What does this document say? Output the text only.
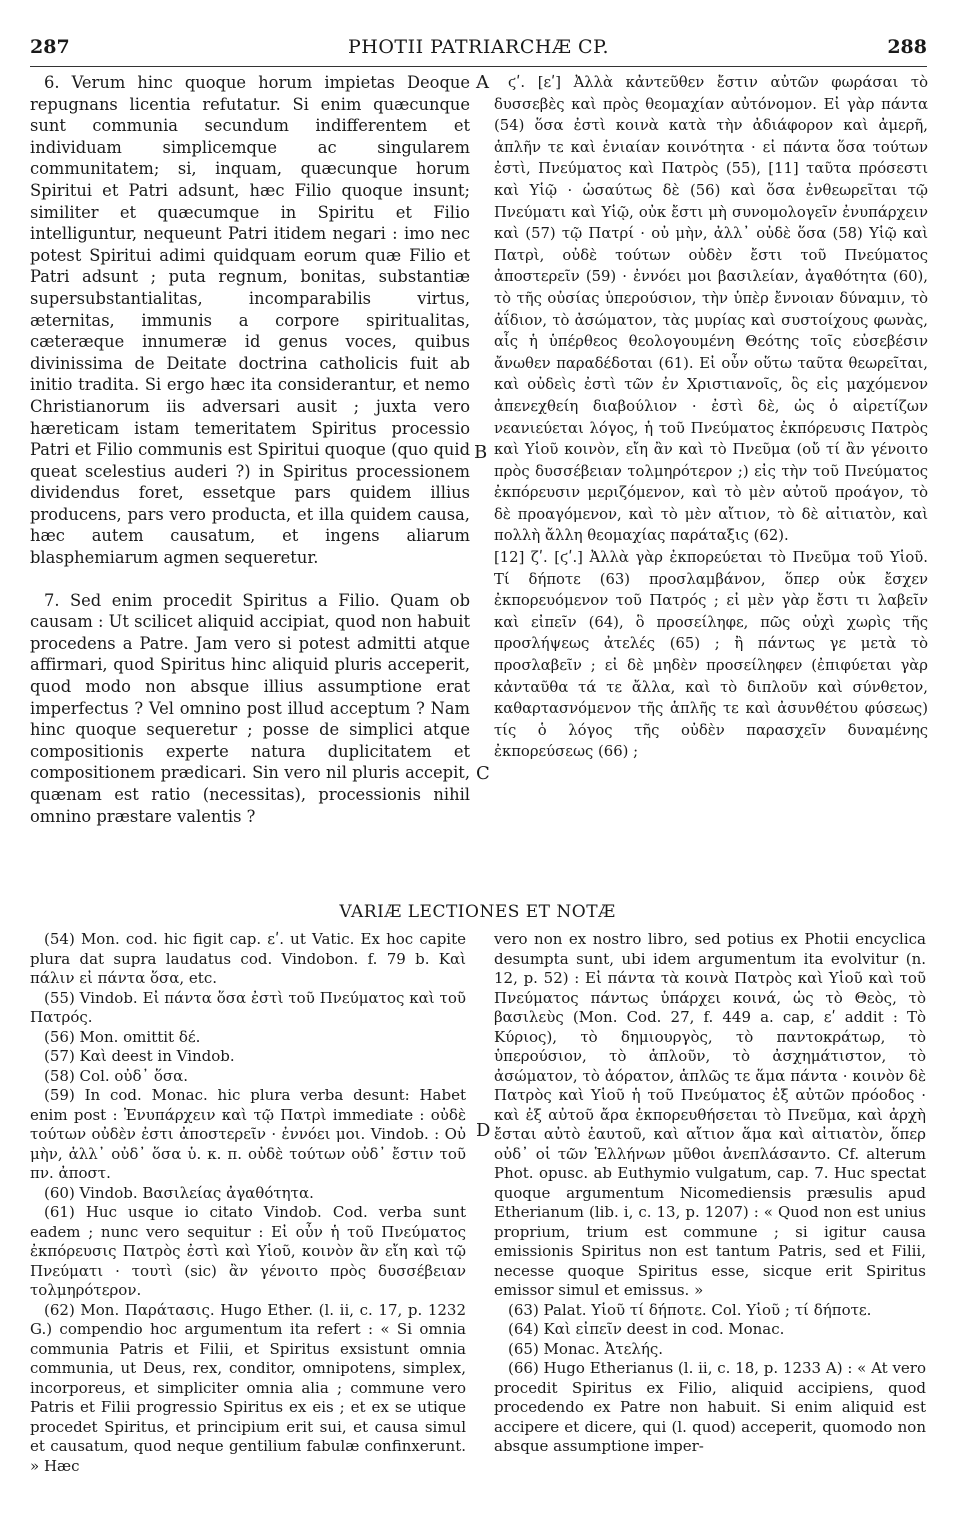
287	PHOTII PATRIARCHÆ CP.	288

6. Verum hinc quoque horum impietas Deoque repugnans licentia refutatur. Si enim quæcunque sunt communia secundum indifferentem et individuam simplicemque ac singularem communitatem; si, inquam, quæcunque horum Spiritui et Patri adsunt, hæc Filio quoque insunt; similiter et quæcumque in Spiritu et Filio intelliguntur, nequeunt Patri itidem negari : imo nec potest Spiritui adimi quidquam eorum quæ Filio et Patri adsunt ; puta regnum, bonitas, substantiæ supersubstantialitas, incomparabilis virtus, æternitas, immunis a corpore spiritualitas, cæteræque innumeræ id genus voces, quibus divinissima de Deitate doctrina catholicis fuit ab initio tradita. Si ergo hæc ita considerantur, et nemo Christianorum iis adversari ausit ; juxta vero hæreticam istam temeritatem Spiritus processio Patri et Filio communis est Spiritui quoque (quo quid queat scelestius auderi ?) in Spiritus processionem dividendus foret, essetque pars quidem illius producens, pars vero producta, et illa quidem causa, hæc autem causatum, et ingens aliarum blasphemiarum agmen sequeretur.

7. Sed enim procedit Spiritus a Filio. Quam ob causam : Ut scilicet aliquid accipiat, quod non habuit procedens a Patre. Jam vero si potest admitti atque affirmari, quod Spiritus hinc aliquid pluris acceperit, quod modo non absque illius assumptione erat imperfectus ? Vel omnino post illud acceptum ? Nam hinc quoque sequeretur ; posse de simplici atque compositionis experte natura duplicitatem et compositionem prædicari. Sin vero nil pluris accepit, quænam est ratio (necessitas), processionis nihil omnino præstare valentis ?

ϛʹ. [εʹ] Ἀλλὰ κἀντεῦθεν ἔστιν αὐτῶν φωράσαι τὸ δυσσεβὲς καὶ πρὸς θεομαχίαν αὐτόνομον. Εἰ γὰρ πάντα (54) ὅσα ἐστὶ κοινὰ κατὰ τὴν ἀδιάφορον καὶ ἀμερῆ, ἁπλῆν τε καὶ ἑνιαίαν κοινότητα · εἰ πάντα ὅσα τούτων ἐστὶ, Πνεύματος καὶ Πατρὸς (55), [11] ταῦτα πρόσεστι καὶ Υἱῷ · ὡσαύτως δὲ (56) καὶ ὅσα ἐνθεωρεῖται τῷ Πνεύματι καὶ Υἱῷ, οὐκ ἔστι μὴ συνομολογεῖν ἐνυπάρχειν καὶ (57) τῷ Πατρί · οὐ μὴν, ἀλλ᾽ οὐδὲ ὅσα (58) Υἱῷ καὶ Πατρὶ, οὐδὲ τούτων οὐδὲν ἔστι τοῦ Πνεύματος ἀποστερεῖν (59) · ἐννόει μοι βασιλείαν, ἀγαθότητα (60), τὸ τῆς οὐσίας ὑπερούσιον, τὴν ὑπὲρ ἔννοιαν δύναμιν, τὸ ἀΐδιον, τὸ ἀσώματον, τὰς μυρίας καὶ συστοίχους φωνὰς, αἷς ἡ ὑπέρθεος θεολογουμένη Θεότης τοῖς εὐσεβέσιν ἄνωθεν παραδέδοται (61). Εἰ οὖν οὕτω ταῦτα θεωρεῖται, καὶ οὐδεὶς ἐστὶ τῶν ἐν Χριστιανοῖς, ὃς εἰς μαχόμενον ἀπενεχθείη διαβούλιον · ἐστὶ δὲ, ὡς ὁ αἱρετίζων νεανιεύεται λόγος, ἡ τοῦ Πνεύματος ἐκπόρευσις Πατρὸς καὶ Υἱοῦ κοινὸν, εἴη ἂν καὶ τὸ Πνεῦμα (οὔ τί ἂν γένοιτο πρὸς δυσσέβειαν τολμηρότερον ;) εἰς τὴν τοῦ Πνεύματος ἐκπόρευσιν μεριζόμενον, καὶ τὸ μὲν αὐτοῦ προάγον, τὸ δὲ προαγόμενον, καὶ τὸ μὲν αἴτιον, τὸ δὲ αἰτιατὸν, καὶ πολλὴ ἄλλη θεομαχίας παράταξις (62).

[12] ζʹ. [ϛʹ.] Ἀλλὰ γὰρ ἐκπορεύεται τὸ Πνεῦμα τοῦ Υἱοῦ. Τί δήποτε (63) προσλαμβάνον, ὅπερ οὐκ ἔσχεν ἐκπορευόμενον τοῦ Πατρός ; εἰ μὲν γὰρ ἔστι τι λαβεῖν καὶ εἰπεῖν (64), ὃ προσείληφε, πῶς οὐχὶ χωρὶς τῆς προσλήψεως ἀτελές (65) ; ἢ πάντως γε μετὰ τὸ προσλαβεῖν ; εἰ δὲ μηδὲν προσείληφεν (ἐπιφύεται γὰρ κἀνταῦθα τά τε ἄλλα, καὶ τὸ διπλοῦν καὶ σύνθετον, καθαρτασνόμενον τῆς ἁπλῆς τε καὶ ἀσυνθέτου φύσεως) τίς ὁ λόγος τῆς οὐδὲν παρασχεῖν δυναμένης ἐκπορεύσεως (66) ;

A
B
C
D
VARIÆ LECTIONES ET NOTÆ

(54) Mon. cod. hic figit cap. εʹ. ut Vatic. Ex hoc capite plura dat supra laudatus cod. Vindobon. f. 79 b. Καὶ πάλιν εἰ πάντα ὅσα, etc.

(55) Vindob. Εἰ πάντα ὅσα ἐστὶ τοῦ Πνεύματος καὶ τοῦ Πατρός.

(56) Mon. omittit δέ.

(57) Καὶ deest in Vindob.

(58) Col. οὐδ᾽ ὅσα.

(59) In cod. Monac. hic plura verba desunt: Habet enim post : Ἐνυπάρχειν καὶ τῷ Πατρὶ immediate : οὐδὲ τούτων οὐδὲν ἐστι ἀποστερεῖν · ἐννόει μοι. Vindob. : Οὐ μὴν, ἀλλ᾽ οὐδ᾽ ὅσα ὑ. κ. π. οὐδὲ τούτων οὐδ᾽ ἔστιν τοῦ πν. ἀποστ.

(60) Vindob. Βασιλείας ἀγαθότητα.

(61) Huc usque io citato Vindob. Cod. verba sunt eadem ; nunc vero sequitur : Εἰ οὖν ἡ τοῦ Πνεύματος ἐκπόρευσις Πατρὸς ἐστὶ καὶ Υἱοῦ, κοινὸν ἂν εἴη καὶ τῷ Πνεύματι · τουτὶ (sic) ἂν γένοιτο πρὸς δυσσέβειαν τολμηρότερον.

(62) Mon. Παράτασις. Hugo Ether. (l. ii, c. 17, p. 1232 G.) compendio hoc argumentum ita refert : « Si omnia communia Patris et Filii, et Spiritus exsistunt omnia communia, ut Deus, rex, conditor, omnipotens, simplex, incorporeus, et simpliciter omnia alia ; commune vero Patris et Filii progressio Spiritus ex eis ; et ex se utique procedet Spiritus, et principium erit sui, et causa simul et causatum, quod neque gentilium fabulæ confinxerunt. » Hæc

vero non ex nostro libro, sed potius ex Photii encyclica desumpta sunt, ubi idem argumentum ita evolvitur (n. 12, p. 52) : Εἰ πάντα τὰ κοινὰ Πατρὸς καὶ Υἱοῦ καὶ τοῦ Πνεύματος πάντως ὑπάρχει κοινά, ὡς τὸ Θεὸς, τὸ βασιλεὺς (Mon. Cod. 27, f. 449 a. cap, εʹ addit : Τὸ Κύριος), τὸ δημιουργὸς, τὸ παντοκράτωρ, τὸ ὑπερούσιον, τὸ ἁπλοῦν, τὸ ἀσχημάτιστον, τὸ ἀσώματον, τὸ ἀόρατον, ἁπλῶς τε ἅμα πάντα · κοινὸν δὲ Πατρὸς καὶ Υἱοῦ ἡ τοῦ Πνεύματος ἐξ αὐτῶν πρόοδος · καὶ ἐξ αὐτοῦ ἄρα ἐκπορευθήσεται τὸ Πνεῦμα, καὶ ἀρχὴ ἔσται αὐτὸ ἑαυτοῦ, καὶ αἴτιον ἅμα καὶ αἰτιατὸν, ὅπερ οὐδ᾽ οἱ τῶν Ἑλλήνων μῦθοι ἀνεπλάσαντο. Cf. alterum Phot. opusc. ab Euthymio vulgatum, cap. 7. Huc spectat quoque argumentum Nicomediensis præsulis apud Etherianum (lib. i, c. 13, p. 1207) : « Quod non est unius proprium, trium est commune ; si igitur causa emissionis Spiritus non est tantum Patris, sed et Filii, necesse quoque Spiritus esse, sicque erit Spiritus emissor simul et emissus. »

(63) Palat. Υἱοῦ τί δήποτε. Col. Υἱοῦ ; τί δήποτε.

(64) Καὶ εἰπεῖν deest in cod. Monac.

(65) Monac. Ἀτελής.

(66) Hugo Etherianus (l. ii, c. 18, p. 1233 A) : « At vero procedit Spiritus ex Filio, aliquid accipiens, quod procedendo ex Patre non habuit. Si enim aliquid est accipere et dicere, qui (l. quod) acceperit, quomodo non absque assumptione imper-
